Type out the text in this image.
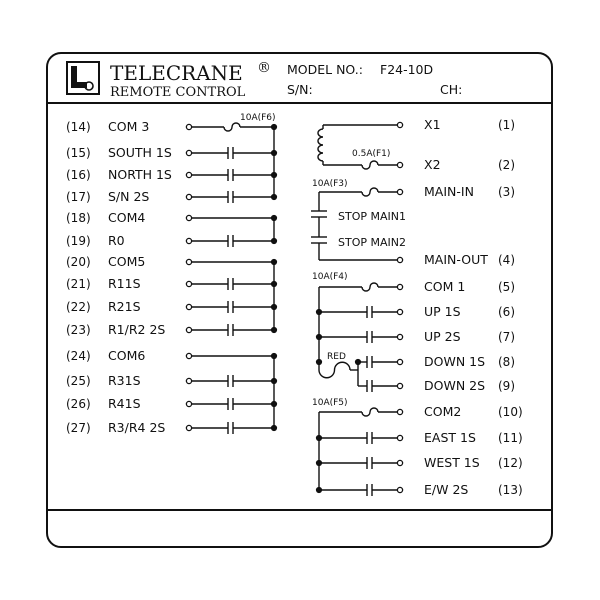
TELECRANE ®
REMOTE CONTROL
MODEL NO.: F24-10D
S/N:	CH:
(14) COM 3
(15) SOUTH 1S
(16) NORTH 1S
(17) S/N 2S
(18) COM4
(19) R0
(20) COM5
(21) R11S
(22) R21S
(23) R1/R2 2S
(24) COM6
(25) R31S
(26) R41S
(27) R3/R4 2S
X1	(1)
X2	(2)
MAIN-IN (3)
MAIN-OUT (4)
COM 1	(5)
UP 1S	(6)
UP 2S	(7)
DOWN 1S (8)
DOWN 2S (9)
COM2	(10)
EAST 1S (11)
WEST 1S (12)
E/W 2S (13)
10A(F6)
0.5A(F1)
10A(F3)
10A(F4)
10A(F5)
STOP MAIN1
STOP MAIN2
RED
